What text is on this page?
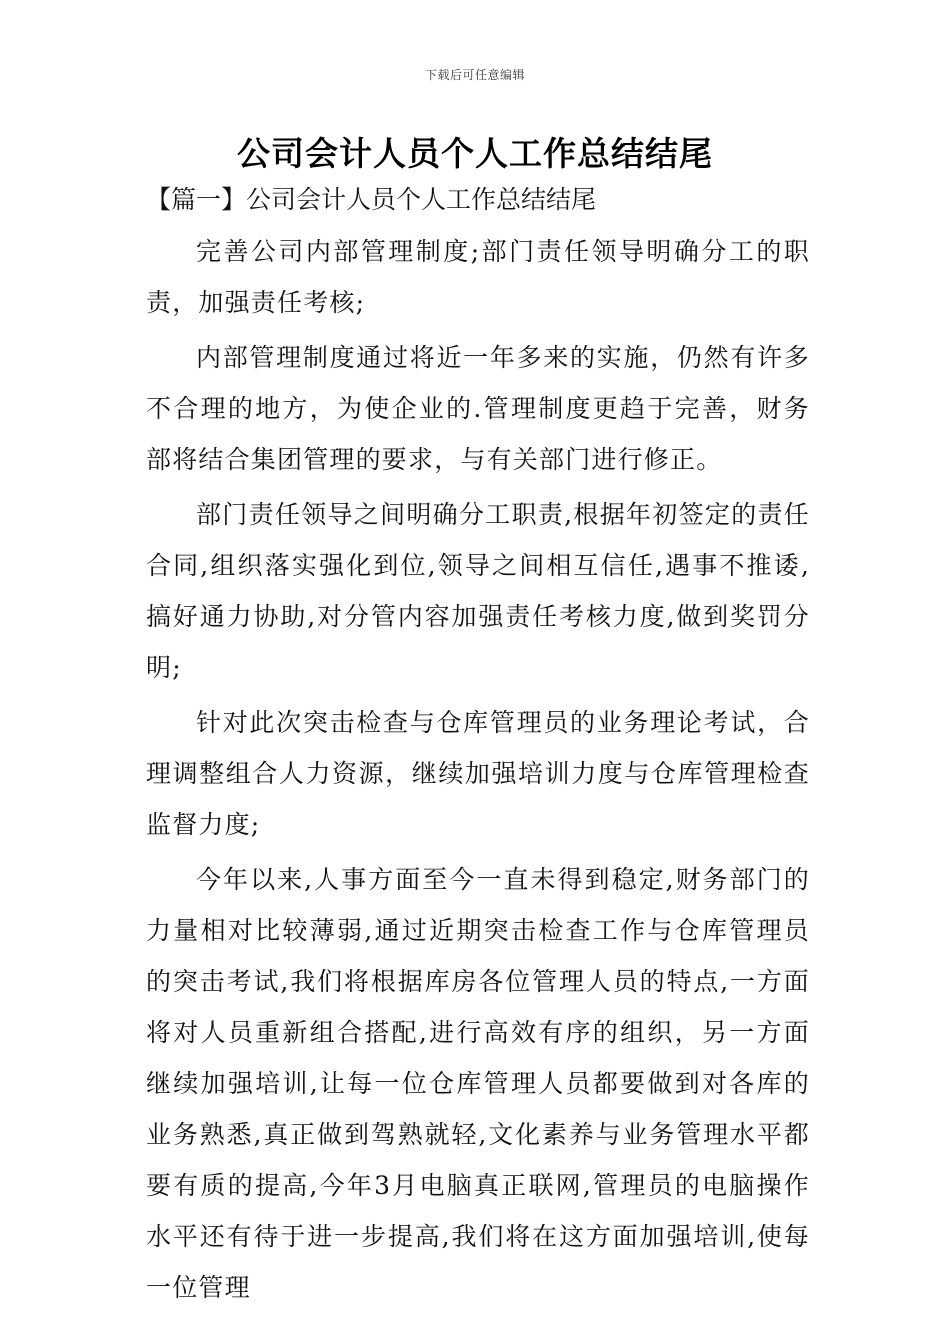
下载后可任意编辑
公司会计人员个人工作总结结尾
【篇一】公司会计人员个人工作总结结尾

完善公司内部管理制度;部门责任领导明确分工的职责，加强责任考核;

内部管理制度通过将近一年多来的实施，仍然有许多不合理的地方，为使企业的.管理制度更趋于完善，财务部将结合集团管理的要求，与有关部门进行修正。

部门责任领导之间明确分工职责,根据年初签定的责任合同,组织落实强化到位,领导之间相互信任,遇事不推诿,搞好通力协助,对分管内容加强责任考核力度,做到奖罚分明;

针对此次突击检查与仓库管理员的业务理论考试，合理调整组合人力资源，继续加强培训力度与仓库管理检查监督力度;

今年以来,人事方面至今一直未得到稳定,财务部门的力量相对比较薄弱,通过近期突击检查工作与仓库管理员的突击考试,我们将根据库房各位管理人员的特点,一方面将对人员重新组合搭配,进行高效有序的组织，另一方面继续加强培训,让每一位仓库管理人员都要做到对各库的业务熟悉,真正做到驾熟就轻,文化素养与业务管理水平都要有质的提高,今年3月电脑真正联网,管理员的电脑操作水平还有待于进一步提高,我们将在这方面加强培训,使每一位管理
